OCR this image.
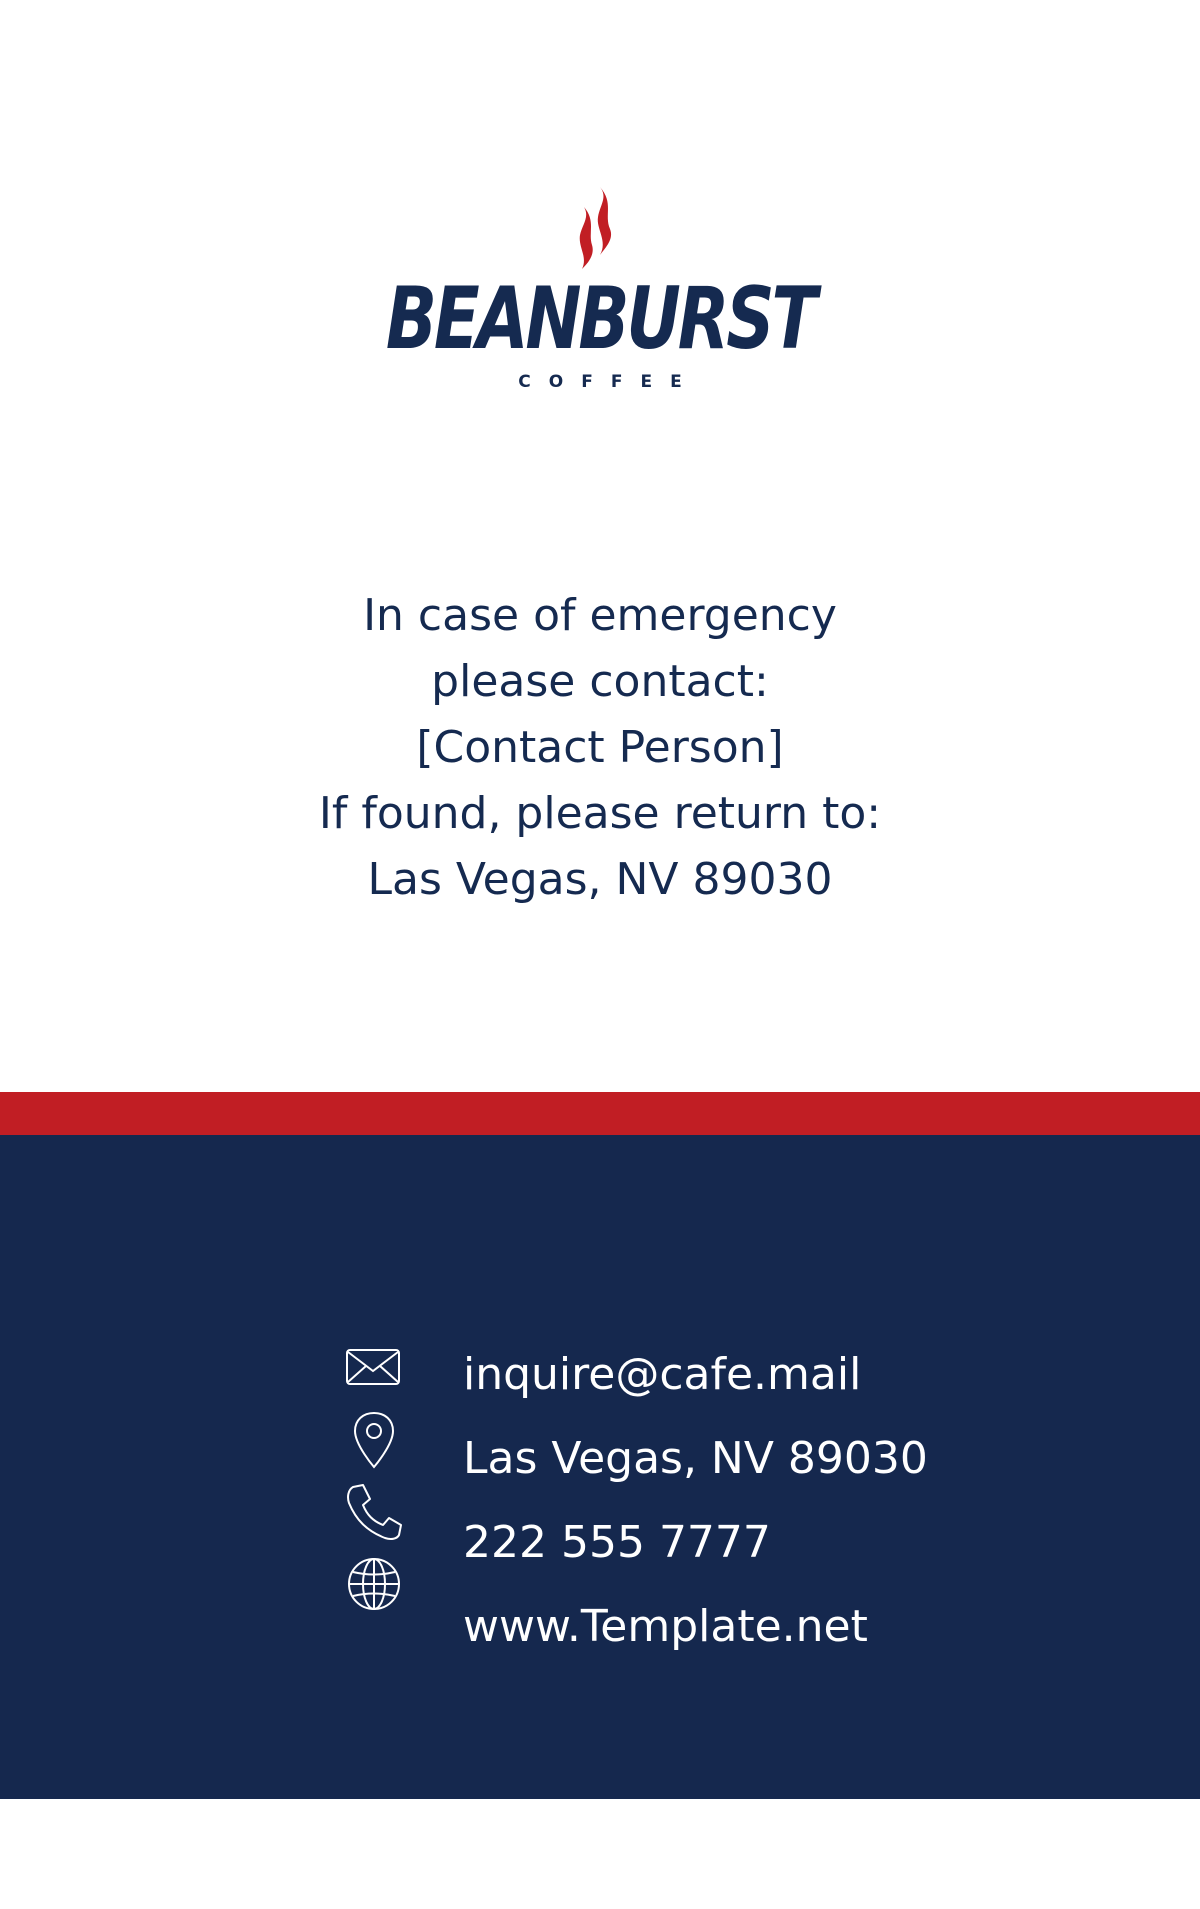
BEANBURST
COFFEE
In case of emergency
please contact:
[Contact Person]
If found, please return to:
Las Vegas, NV 89030
inquire@cafe.mail
Las Vegas, NV 89030
222 555 7777
www.Template.net
